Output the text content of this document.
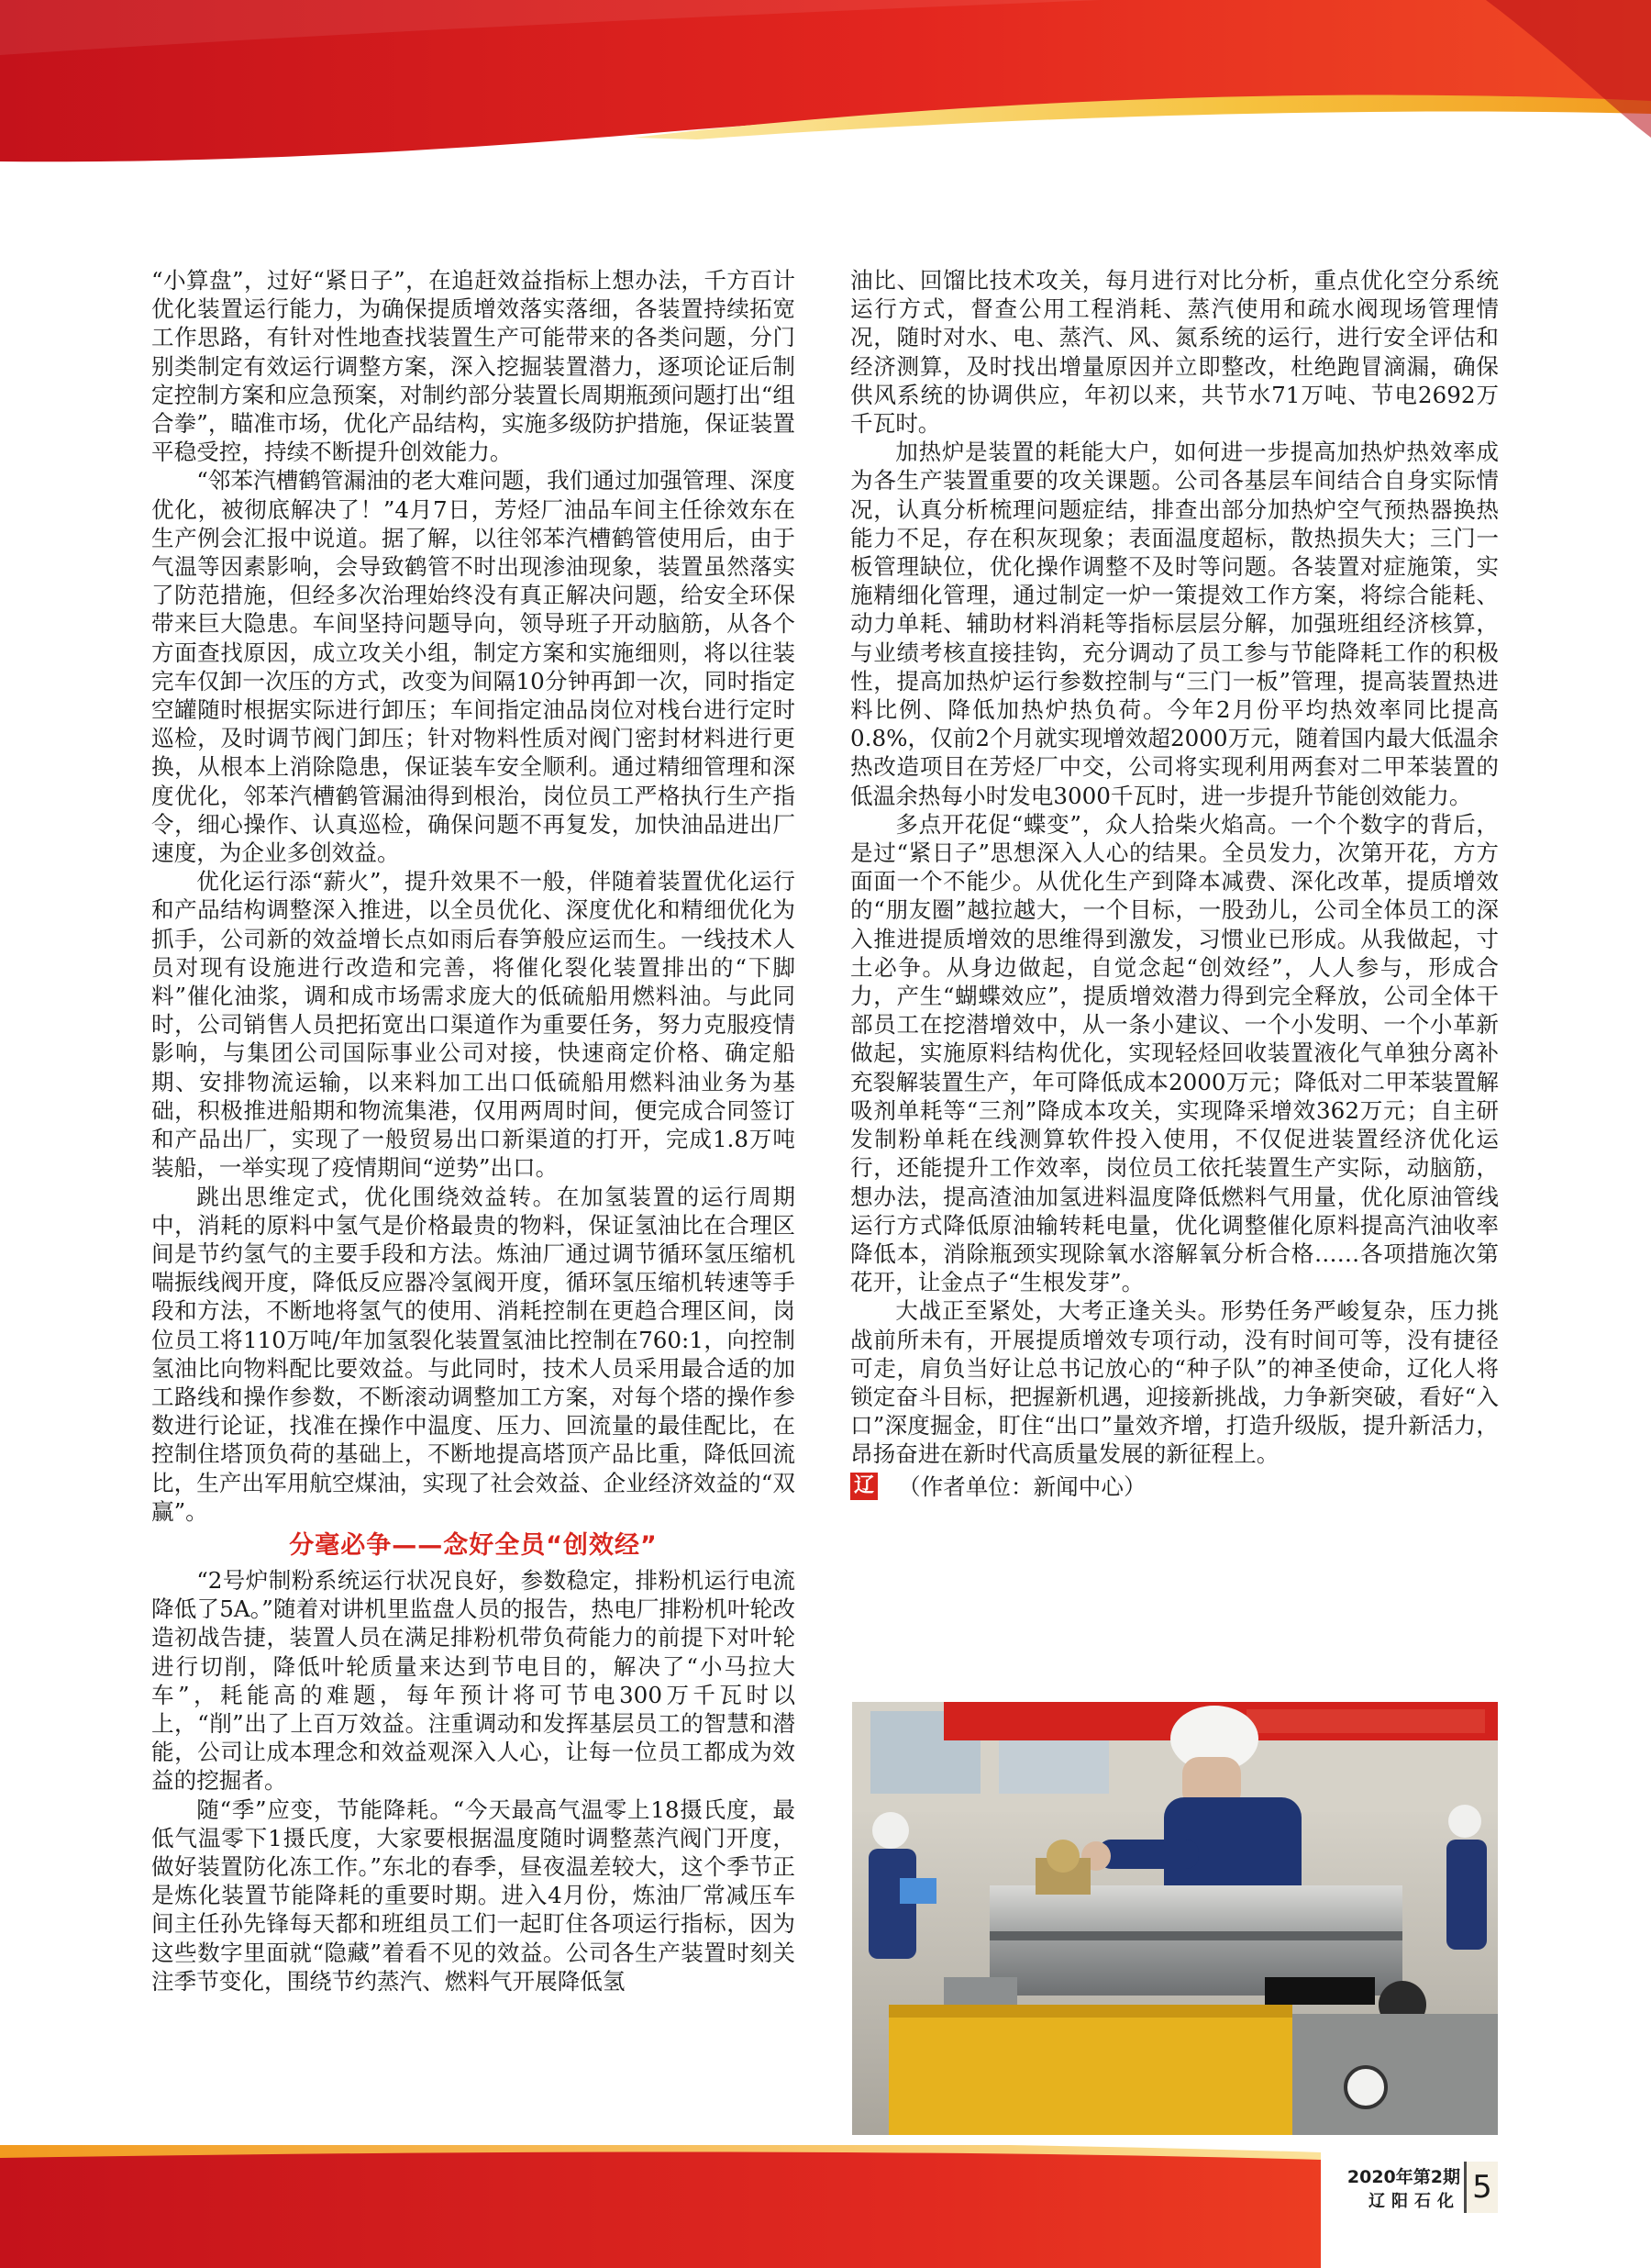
“小算盘”，过好“紧日子”，在追赶效益指标上想办法，千方百计优化装置运行能力，为确保提质增效落实落细，各装置持续拓宽工作思路，有针对性地查找装置生产可能带来的各类问题，分门别类制定有效运行调整方案，深入挖掘装置潜力，逐项论证后制定控制方案和应急预案，对制约部分装置长周期瓶颈问题打出“组合拳”，瞄准市场，优化产品结构，实施多级防护措施，保证装置平稳受控，持续不断提升创效能力。

“邻苯汽槽鹤管漏油的老大难问题，我们通过加强管理、深度优化，被彻底解决了！”4月7日，芳烃厂油品车间主任徐效东在生产例会汇报中说道。据了解，以往邻苯汽槽鹤管使用后，由于气温等因素影响，会导致鹤管不时出现渗油现象，装置虽然落实了防范措施，但经多次治理始终没有真正解决问题，给安全环保带来巨大隐患。车间坚持问题导向，领导班子开动脑筋，从各个方面查找原因，成立攻关小组，制定方案和实施细则，将以往装完车仅卸一次压的方式，改变为间隔10分钟再卸一次，同时指定空罐随时根据实际进行卸压；车间指定油品岗位对栈台进行定时巡检，及时调节阀门卸压；针对物料性质对阀门密封材料进行更换，从根本上消除隐患，保证装车安全顺利。通过精细管理和深度优化，邻苯汽槽鹤管漏油得到根治，岗位员工严格执行生产指令，细心操作、认真巡检，确保问题不再复发，加快油品进出厂速度，为企业多创效益。

优化运行添“薪火”，提升效果不一般，伴随着装置优化运行和产品结构调整深入推进，以全员优化、深度优化和精细优化为抓手，公司新的效益增长点如雨后春笋般应运而生。一线技术人员对现有设施进行改造和完善，将催化裂化装置排出的“下脚料”催化油浆，调和成市场需求庞大的低硫船用燃料油。与此同时，公司销售人员把拓宽出口渠道作为重要任务，努力克服疫情影响，与集团公司国际事业公司对接，快速商定价格、确定船期、安排物流运输，以来料加工出口低硫船用燃料油业务为基础，积极推进船期和物流集港，仅用两周时间，便完成合同签订和产品出厂，实现了一般贸易出口新渠道的打开，完成1.8万吨装船，一举实现了疫情期间“逆势”出口。

跳出思维定式，优化围绕效益转。在加氢装置的运行周期中，消耗的原料中氢气是价格最贵的物料，保证氢油比在合理区间是节约氢气的主要手段和方法。炼油厂通过调节循环氢压缩机喘振线阀开度，降低反应器冷氢阀开度，循环氢压缩机转速等手段和方法，不断地将氢气的使用、消耗控制在更趋合理区间，岗位员工将110万吨/年加氢裂化装置氢油比控制在760:1，向控制氢油比向物料配比要效益。与此同时，技术人员采用最合适的加工路线和操作参数，不断滚动调整加工方案，对每个塔的操作参数进行论证，找准在操作中温度、压力、回流量的最佳配比，在控制住塔顶负荷的基础上，不断地提高塔顶产品比重，降低回流比，生产出军用航空煤油，实现了社会效益、企业经济效益的“双赢”。

分毫必争——念好全员“创效经”

“2号炉制粉系统运行状况良好，参数稳定，排粉机运行电流降低了5A。”随着对讲机里监盘人员的报告，热电厂排粉机叶轮改造初战告捷，装置人员在满足排粉机带负荷能力的前提下对叶轮进行切削，降低叶轮质量来达到节电目的，解决了“小马拉大车”，耗能高的难题，每年预计将可节电300万千瓦时以上，“削”出了上百万效益。注重调动和发挥基层员工的智慧和潜能，公司让成本理念和效益观深入人心，让每一位员工都成为效益的挖掘者。

随“季”应变，节能降耗。“今天最高气温零上18摄氏度，最低气温零下1摄氏度，大家要根据温度随时调整蒸汽阀门开度，做好装置防化冻工作。”东北的春季，昼夜温差较大，这个季节正是炼化装置节能降耗的重要时期。进入4月份，炼油厂常减压车间主任孙先锋每天都和班组员工们一起盯住各项运行指标，因为这些数字里面就“隐藏”着看不见的效益。公司各生产装置时刻关注季节变化，围绕节约蒸汽、燃料气开展降低氢

油比、回馏比技术攻关，每月进行对比分析，重点优化空分系统运行方式，督查公用工程消耗、蒸汽使用和疏水阀现场管理情况，随时对水、电、蒸汽、风、氮系统的运行，进行安全评估和经济测算，及时找出增量原因并立即整改，杜绝跑冒滴漏，确保供风系统的协调供应，年初以来，共节水71万吨、节电2692万千瓦时。

加热炉是装置的耗能大户，如何进一步提高加热炉热效率成为各生产装置重要的攻关课题。公司各基层车间结合自身实际情况，认真分析梳理问题症结，排查出部分加热炉空气预热器换热能力不足，存在积灰现象；表面温度超标，散热损失大；三门一板管理缺位，优化操作调整不及时等问题。各装置对症施策，实施精细化管理，通过制定一炉一策提效工作方案，将综合能耗、动力单耗、辅助材料消耗等指标层层分解，加强班组经济核算，与业绩考核直接挂钩，充分调动了员工参与节能降耗工作的积极性，提高加热炉运行参数控制与“三门一板”管理，提高装置热进料比例、降低加热炉热负荷。今年2月份平均热效率同比提高0.8%，仅前2个月就实现增效超2000万元，随着国内最大低温余热改造项目在芳烃厂中交，公司将实现利用两套对二甲苯装置的低温余热每小时发电3000千瓦时，进一步提升节能创效能力。

多点开花促“蝶变”，众人拾柴火焰高。一个个数字的背后，是过“紧日子”思想深入人心的结果。全员发力，次第开花，方方面面一个不能少。从优化生产到降本减费、深化改革，提质增效的“朋友圈”越拉越大，一个目标，一股劲儿，公司全体员工的深入推进提质增效的思维得到激发，习惯业已形成。从我做起，寸土必争。从身边做起，自觉念起“创效经”，人人参与，形成合力，产生“蝴蝶效应”，提质增效潜力得到完全释放，公司全体干部员工在挖潜增效中，从一条小建议、一个小发明、一个小革新做起，实施原料结构优化，实现轻烃回收装置液化气单独分离补充裂解装置生产，年可降低成本2000万元；降低对二甲苯装置解吸剂单耗等“三剂”降成本攻关，实现降采增效362万元；自主研发制粉单耗在线测算软件投入使用，不仅促进装置经济优化运行，还能提升工作效率，岗位员工依托装置生产实际，动脑筋，想办法，提高渣油加氢进料温度降低燃料气用量，优化原油管线运行方式降低原油输转耗电量，优化调整催化原料提高汽油收率降低本，消除瓶颈实现除氧水溶解氧分析合格……各项措施次第花开，让金点子“生根发芽”。

大战正至紧处，大考正逢关头。形势任务严峻复杂，压力挑战前所未有，开展提质增效专项行动，没有时间可等，没有捷径可走，肩负当好让总书记放心的“种子队”的神圣使命，辽化人将锁定奋斗目标，把握新机遇，迎接新挑战，力争新突破，看好“入口”深度掘金，盯住“出口”量效齐增，打造升级版，提升新活力，昂扬奋进在新时代高质量发展的新征程上。

辽 （作者单位：新闻中心）
2020年第2期
辽阳石化 5
